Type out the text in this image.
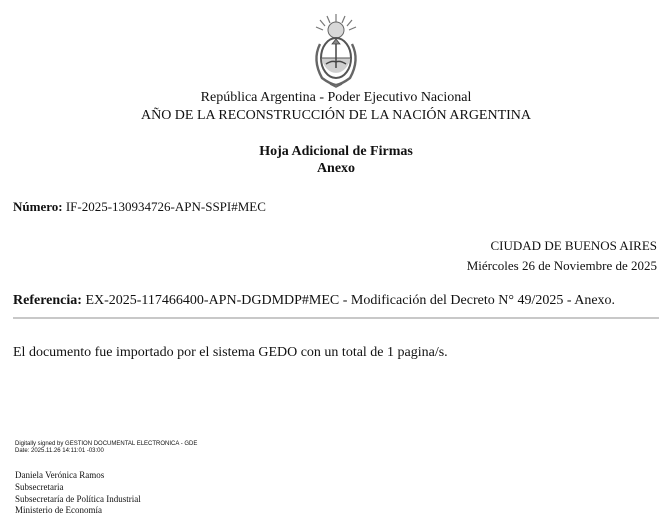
República Argentina - Poder Ejecutivo Nacional
AÑO DE LA RECONSTRUCCIÓN DE LA NACIÓN ARGENTINA
Hoja Adicional de Firmas
Anexo
Número: IF-2025-130934726-APN-SSPI#MEC
CIUDAD DE BUENOS AIRES
Miércoles 26 de Noviembre de 2025
Referencia: EX-2025-117466400-APN-DGDMDP#MEC - Modificación del Decreto N° 49/2025 - Anexo.
El documento fue importado por el sistema GEDO con un total de 1 pagina/s.
Digitally signed by GESTION DOCUMENTAL ELECTRONICA - GDE
Date: 2025.11.26 14:11:01 -03:00
Daniela Verónica Ramos
Subsecretaria
Subsecretaría de Política Industrial
Ministerio de Economía
